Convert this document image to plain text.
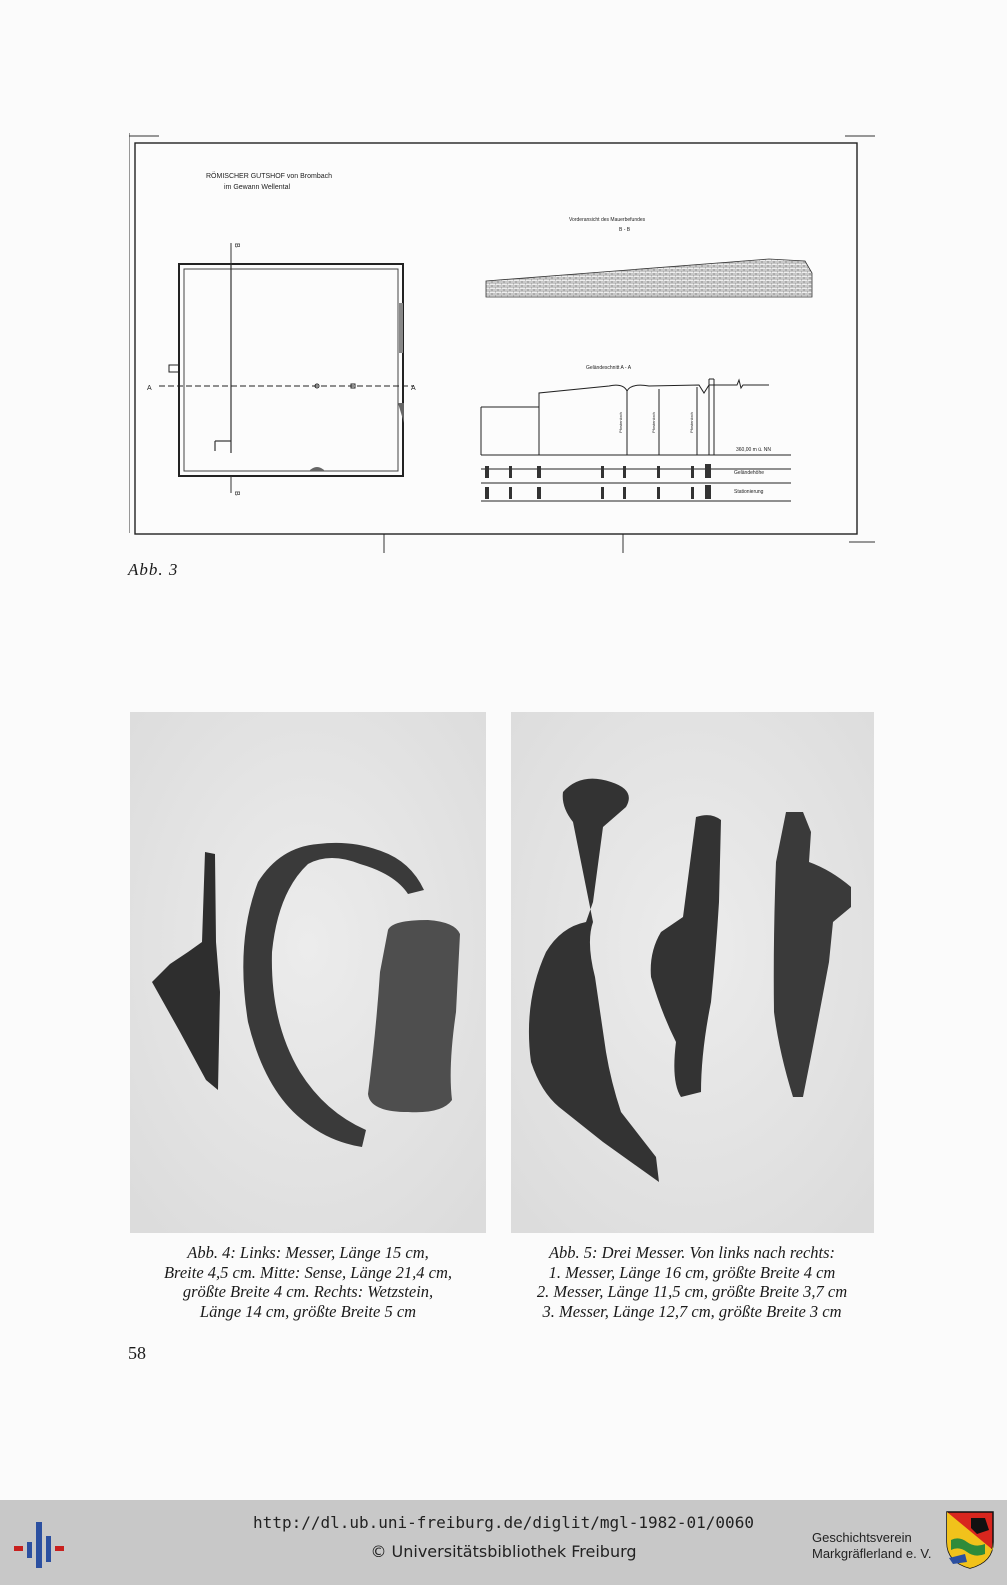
RÖMISCHER GUTSHOF von Brombach
im Gewann Wellental
A	A
B
B
Vorderansicht des Mauerbefundes
B - B
Geländeschnitt A - A
360,00 m ü. NN
Geländehöhe
Stationierung
Pfostenloch	Pfostenloch	Pfostenloch
Abb. 3
Abb. 4: Links: Messer, Länge 15 cm,
Breite 4,5 cm. Mitte: Sense, Länge 21,4 cm,
größte Breite 4 cm. Rechts: Wetzstein,
Länge 14 cm, größte Breite 5 cm
Abb. 5: Drei Messer. Von links nach rechts:
1. Messer, Länge 16 cm, größte Breite 4 cm
2. Messer, Länge 11,5 cm, größte Breite 3,7 cm
3. Messer, Länge 12,7 cm, größte Breite 3 cm
58
http://dl.ub.uni-freiburg.de/diglit/mgl-1982-01/0060
© Universitätsbibliothek Freiburg
Geschichtsverein
Markgräflerland e. V.
